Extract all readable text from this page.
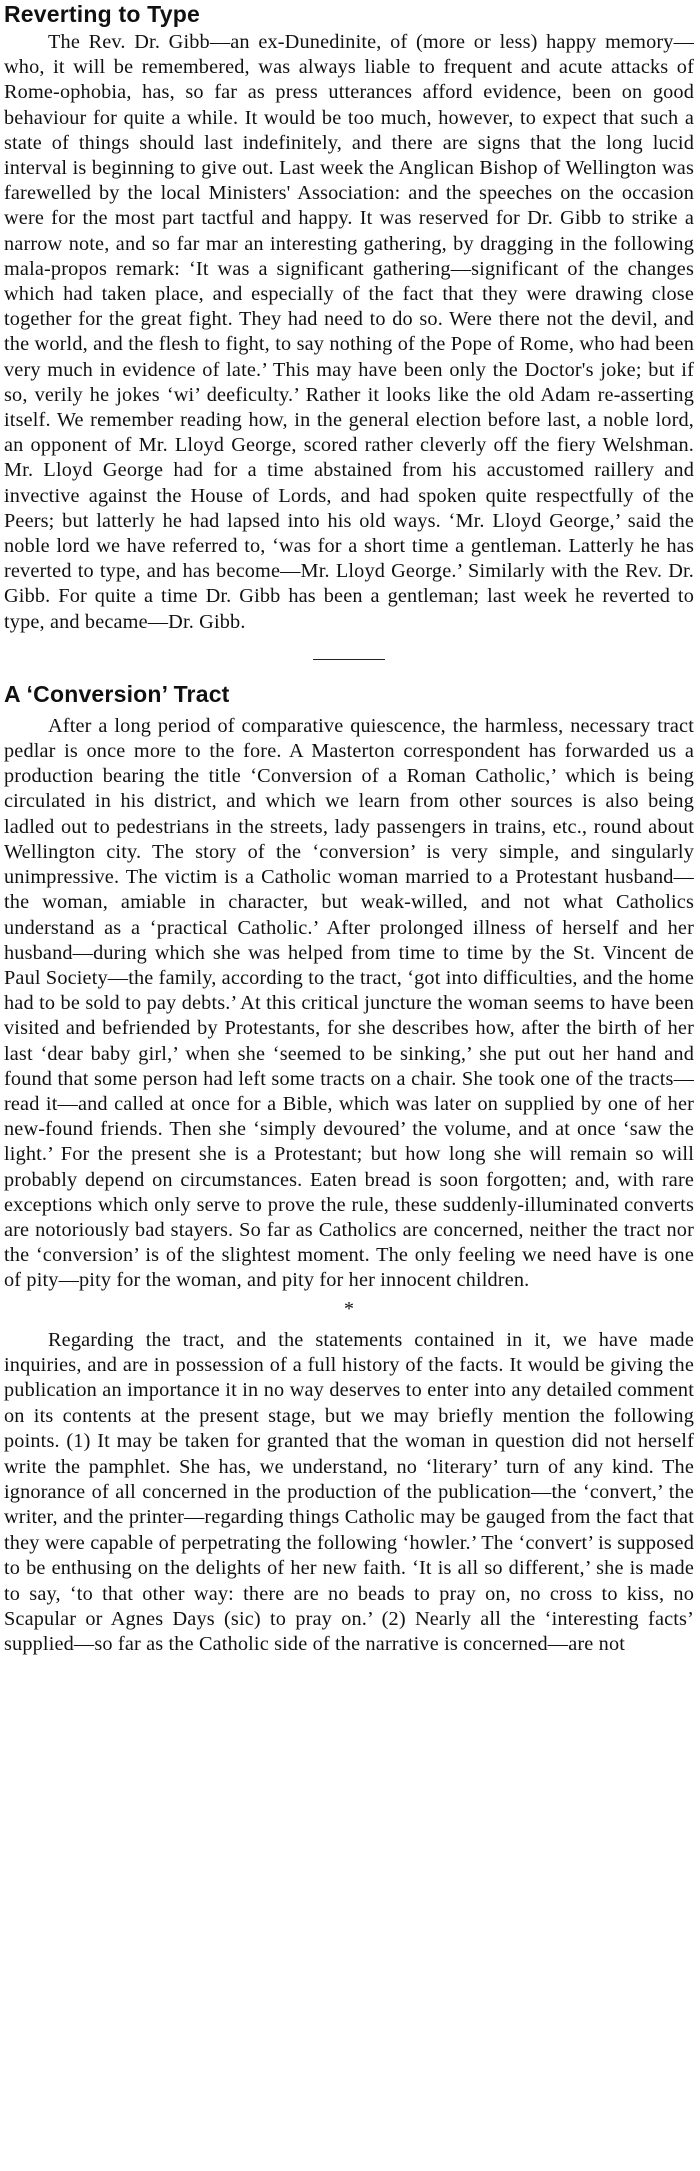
Reverting to Type

The Rev. Dr. Gibb—an ex-Dunedinite, of (more or less) happy memory—who, it will be remembered, was always liable to frequent and acute attacks of Rome-ophobia, has, so far as press utterances afford evidence, been on good behaviour for quite a while. It would be too much, however, to expect that such a state of things should last indefinitely, and there are signs that the long lucid interval is beginning to give out. Last week the Anglican Bishop of Wellington was farewelled by the local Ministers' Association: and the speeches on the occasion were for the most part tactful and happy. It was reserved for Dr. Gibb to strike a narrow note, and so far mar an interesting gathering, by dragging in the following mala-propos remark: ‘It was a significant gathering—significant of the changes which had taken place, and especially of the fact that they were drawing close together for the great fight. They had need to do so. Were there not the devil, and the world, and the flesh to fight, to say nothing of the Pope of Rome, who had been very much in evidence of late.’ This may have been only the Doctor's joke; but if so, verily he jokes ‘wi’ deeficulty.’ Rather it looks like the old Adam re-asserting itself. We remember reading how, in the general election before last, a noble lord, an opponent of Mr. Lloyd George, scored rather cleverly off the fiery Welshman. Mr. Lloyd George had for a time abstained from his accustomed raillery and invective against the House of Lords, and had spoken quite respectfully of the Peers; but latterly he had lapsed into his old ways. ‘Mr. Lloyd George,’ said the noble lord we have referred to, ‘was for a short time a gentleman. Latterly he has reverted to type, and has become—Mr. Lloyd George.’ Similarly with the Rev. Dr. Gibb. For quite a time Dr. Gibb has been a gentleman; last week he reverted to type, and became—Dr. Gibb.

A ‘Conversion’ Tract

After a long period of comparative quiescence, the harmless, necessary tract pedlar is once more to the fore. A Masterton correspondent has forwarded us a production bearing the title ‘Conversion of a Roman Catholic,’ which is being circulated in his district, and which we learn from other sources is also being ladled out to pedestrians in the streets, lady passengers in trains, etc., round about Wellington city. The story of the ‘conversion’ is very simple, and singularly unimpressive. The victim is a Catholic woman married to a Protestant husband—the woman, amiable in character, but weak-willed, and not what Catholics understand as a ‘practical Catholic.’ After prolonged illness of herself and her husband—during which she was helped from time to time by the St. Vincent de Paul Society—the family, according to the tract, ‘got into difficulties, and the home had to be sold to pay debts.’ At this critical juncture the woman seems to have been visited and befriended by Protestants, for she describes how, after the birth of her last ‘dear baby girl,’ when she ‘seemed to be sinking,’ she put out her hand and found that some person had left some tracts on a chair. She took one of the tracts—read it—and called at once for a Bible, which was later on supplied by one of her new-found friends. Then she ‘simply devoured’ the volume, and at once ‘saw the light.’ For the present she is a Protestant; but how long she will remain so will probably depend on circumstances. Eaten bread is soon forgotten; and, with rare exceptions which only serve to prove the rule, these suddenly-illuminated converts are notoriously bad stayers. So far as Catholics are concerned, neither the tract nor the ‘conversion’ is of the slightest moment. The only feeling we need have is one of pity—pity for the woman, and pity for her innocent children.

*

Regarding the tract, and the statements contained in it, we have made inquiries, and are in possession of a full history of the facts. It would be giving the publication an importance it in no way deserves to enter into any detailed comment on its contents at the present stage, but we may briefly mention the following points. (1) It may be taken for granted that the woman in question did not herself write the pamphlet. She has, we understand, no ‘literary’ turn of any kind. The ignorance of all concerned in the production of the publication—the ‘convert,’ the writer, and the printer—regarding things Catholic may be gauged from the fact that they were capable of perpetrating the following ‘howler.’ The ‘convert’ is supposed to be enthusing on the delights of her new faith. ‘It is all so different,’ she is made to say, ‘to that other way: there are no beads to pray on, no cross to kiss, no Scapular or Agnes Days (sic) to pray on.’ (2) Nearly all the ‘interesting facts’ supplied—so far as the Catholic side of the narrative is concerned—are not
